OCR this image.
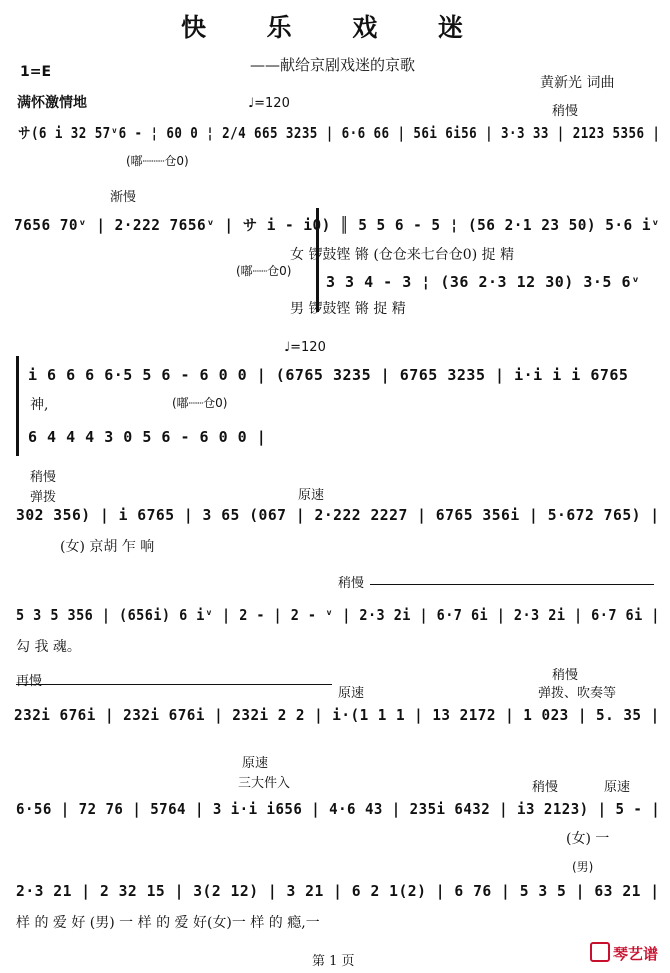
快 乐 戏 迷
——献给京剧戏迷的京歌
黄新光 词曲
1=E
满怀激情地	♩=120
稍慢
サ(6 i 32 57ᵛ6 - ¦ 60 0 ¦ 2/4 665 3235 | 6·6 66 | 56i 6i56 | 3·3 33 | 2123 5356 |
(嘟┈┈┈仓0)
渐慢
7656 70ᵛ | 2·222 7656ᵛ | サ i - i0) ║ 5 5 6 - 5 ¦ (56 2·1 23 50) 5·6 iᵛ
3 3 4 - 3 ¦ (36 2·3 12 30) 3·5 6ᵛ
(嘟┈┈仓0)
女 锣鼓铿 锵 (仓仓来七台仓0) 捉 精
男 锣鼓铿 锵 捉 精
♩=120
i 6 6 6 6·5 5 6 - 6 0 0 | (6765 3235 | 6765 3235 | i·i i i 6765
神,	(嘟┈┈仓0)
6 4 4 4 3 0 5 6 - 6 0 0 |
稍慢
弹拨	原速
302 356) | i 6765 | 3 65 (067 | 2·222 2227 | 6765 356i | 5·672 765) |
(女) 京胡 乍 响
稍慢
5 3 5 356 | (656i) 6 iᵛ | 2 - | 2 - ᵛ | 2·3 2i | 6·7 6i | 2·3 2i | 6·7 6i |
勾 我 魂。
稍慢
再慢
原速	弹拨、吹奏等
232i 676i | 232i 676i | 232i 2 2 | i·(1 1 1 | 13 2172 | 1 023 | 5. 35 |
原速
三大件入	稍慢	原速
6·56 | 72 76 | 5764 | 3 i·i i656 | 4·6 43 | 235i 6432 | i3 2123) | 5 - |
(女) 一
(男)
2·3 21 | 2 32 15 | 3(2 12) | 3 21 | 6 2 1(2) | 6 76 | 5 3 5 | 63 21 |
样 的 爱 好 (男) 一 样 的 爱 好(女)一 样 的 瘾,一
第 1 页	琴艺谱
